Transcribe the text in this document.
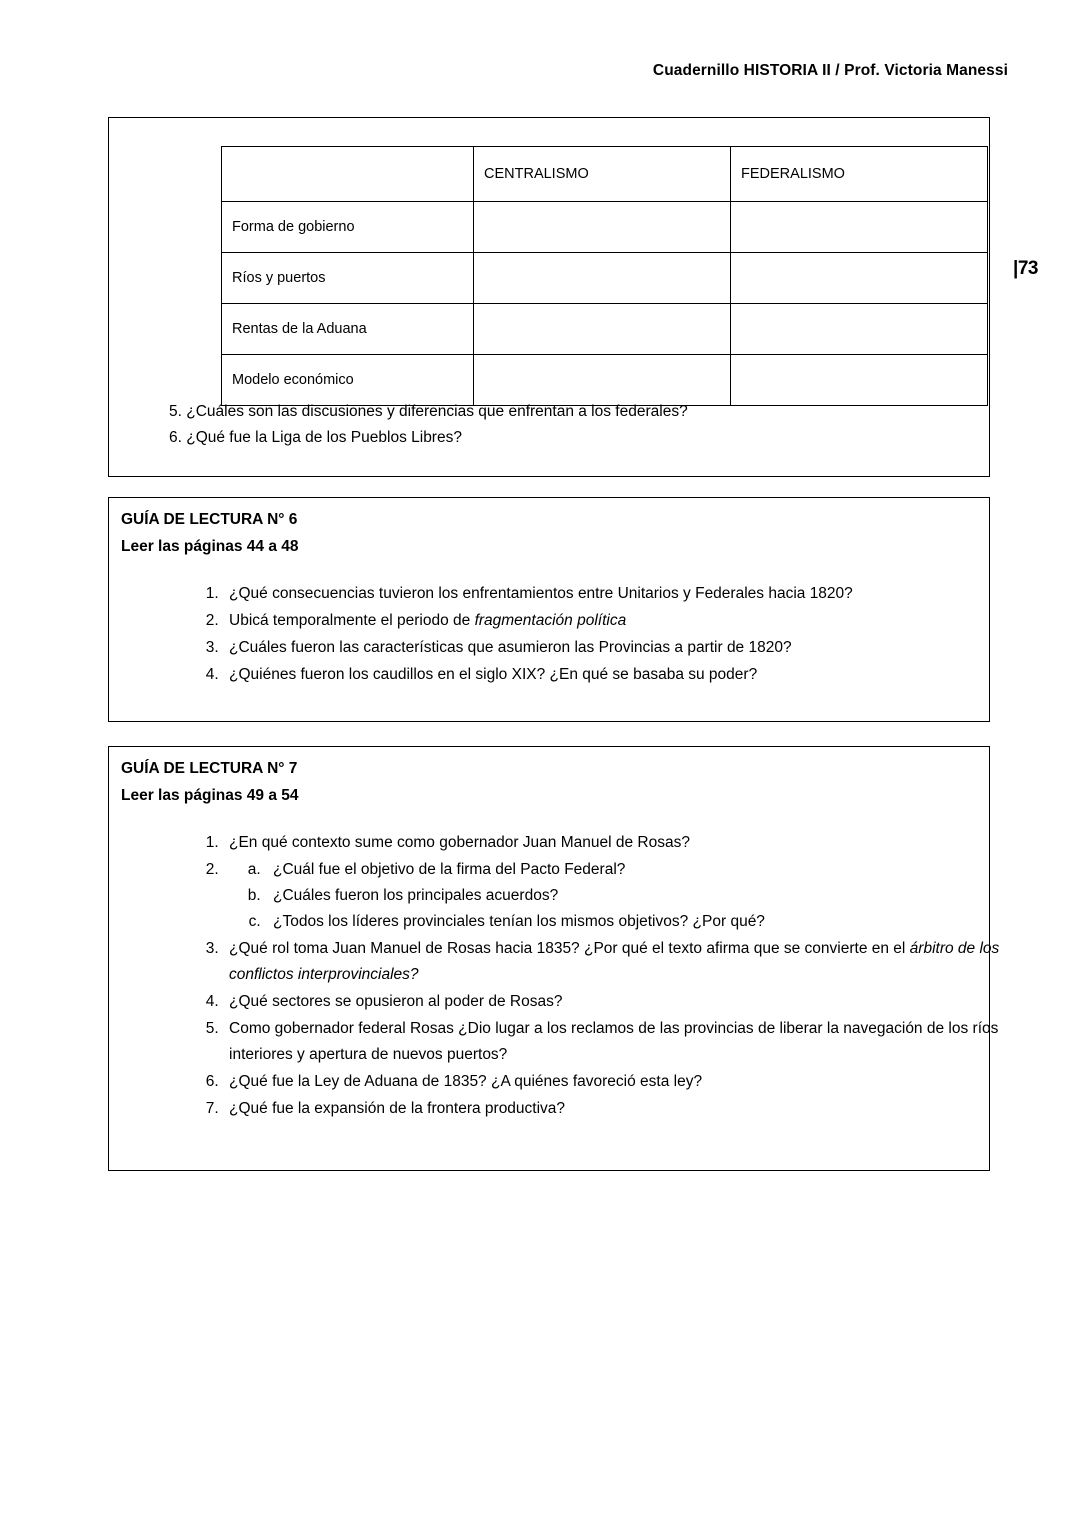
Cuadernillo HISTORIA II / Prof. Victoria Manessi
|73
	CENTRALISMO	FEDERALISMO
Forma de gobierno		
Ríos y puertos		
Rentas de la Aduana		
Modelo económico		
5. ¿Cuáles son las discusiones y diferencias que enfrentan a los federales?
6. ¿Qué fue la Liga de los Pueblos Libres?
GUÍA DE LECTURA N° 6
Leer las páginas 44 a 48
1. ¿Qué consecuencias tuvieron los enfrentamientos entre Unitarios y Federales hacia 1820?
2. Ubicá temporalmente el periodo de fragmentación política
3. ¿Cuáles fueron las características que asumieron las Provincias a partir de 1820?
4. ¿Quiénes fueron los caudillos en el siglo XIX? ¿En qué se basaba su poder?
GUÍA DE LECTURA N° 7
Leer las páginas 49 a 54
1. ¿En qué contexto sume como gobernador Juan Manuel de Rosas?
a. 2. ¿Cuál fue el objetivo de la firma del Pacto Federal?
b. ¿Cuáles fueron los principales acuerdos?
c. ¿Todos los líderes provinciales tenían los mismos objetivos? ¿Por qué?
3. ¿Qué rol toma Juan Manuel de Rosas hacia 1835? ¿Por qué el texto afirma que se convierte en el árbitro de los conflictos interprovinciales?
4. ¿Qué sectores se opusieron al poder de Rosas?
5. Como gobernador federal Rosas ¿Dio lugar a los reclamos de las provincias de liberar la navegación de los ríos interiores y apertura de nuevos puertos?
6. ¿Qué fue la Ley de Aduana de 1835? ¿A quiénes favoreció esta ley?
7. ¿Qué fue la expansión de la frontera productiva?
